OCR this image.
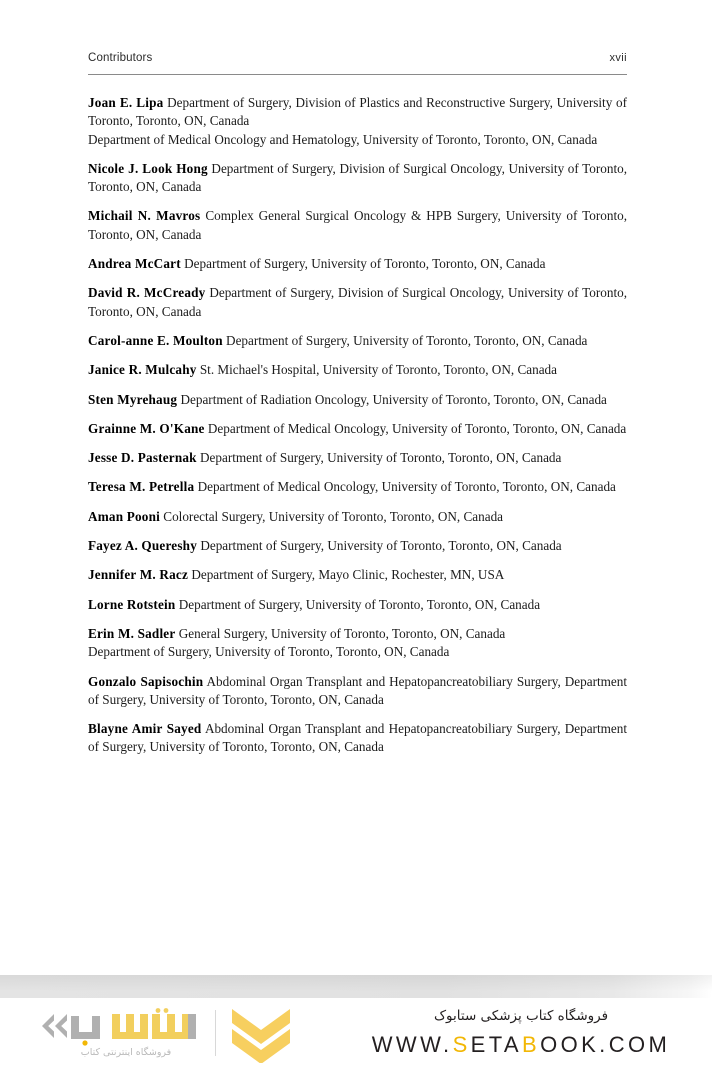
Contributors	xvii

Joan E. Lipa Department of Surgery, Division of Plastics and Reconstructive Surgery, University of Toronto, Toronto, ON, Canada

Department of Medical Oncology and Hematology, University of Toronto, Toronto, ON, Canada

Nicole J. Look Hong Department of Surgery, Division of Surgical Oncology, University of Toronto, Toronto, ON, Canada

Michail N. Mavros Complex General Surgical Oncology & HPB Surgery, University of Toronto, Toronto, ON, Canada

Andrea McCart Department of Surgery, University of Toronto, Toronto, ON, Canada

David R. McCready Department of Surgery, Division of Surgical Oncology, University of Toronto, Toronto, ON, Canada

Carol-anne E. Moulton Department of Surgery, University of Toronto, Toronto, ON, Canada

Janice R. Mulcahy St. Michael's Hospital, University of Toronto, Toronto, ON, Canada

Sten Myrehaug Department of Radiation Oncology, University of Toronto, Toronto, ON, Canada

Grainne M. O'Kane Department of Medical Oncology, University of Toronto, Toronto, ON, Canada

Jesse D. Pasternak Department of Surgery, University of Toronto, Toronto, ON, Canada

Teresa M. Petrella Department of Medical Oncology, University of Toronto, Toronto, ON, Canada

Aman Pooni Colorectal Surgery, University of Toronto, Toronto, ON, Canada

Fayez A. Quereshy Department of Surgery, University of Toronto, Toronto, ON, Canada

Jennifer M. Racz Department of Surgery, Mayo Clinic, Rochester, MN, USA

Lorne Rotstein Department of Surgery, University of Toronto, Toronto, ON, Canada

Erin M. Sadler General Surgery, University of Toronto, Toronto, ON, Canada

Department of Surgery, University of Toronto, Toronto, ON, Canada

Gonzalo Sapisochin Abdominal Organ Transplant and Hepatopancreatobiliary Surgery, Department of Surgery, University of Toronto, Toronto, ON, Canada

Blayne Amir Sayed Abdominal Organ Transplant and Hepatopancreatobiliary Surgery, Department of Surgery, University of Toronto, Toronto, ON, Canada

فروشگاه اینترنتی کتاب
فروشگاه کتاب پزشکی ستابوک
WWW.SETABOOK.COM
